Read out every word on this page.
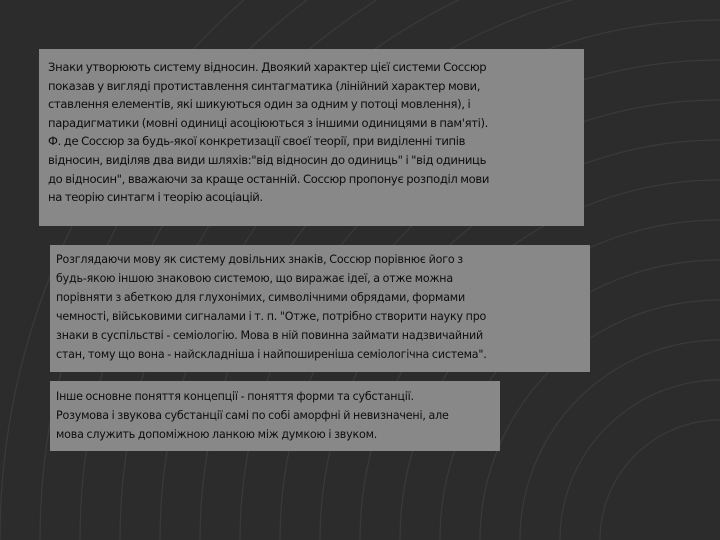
Знаки утворюють систему відносин. Двоякий характер цієї системи Соссюр
показав у вигляді протиставлення синтагматика (лінійний характер мови,
ставлення елементів, які шикуються один за одним у потоці мовлення), і
парадигматики (мовні одиниці асоціюються з іншими одиницями в пам'яті).
Ф. де Соссюр за будь-якої конкретизації своєї теорії, при виділенні типів
відносин, виділяв два види шляхів:"від відносин до одиниць" і "від одиниць
до відносин", вважаючи за краще останній. Соссюр пропонує розподіл мови
на теорію синтагм і теорію асоціацій.

Розглядаючи мову як систему довільних знаків, Соссюр порівнює його з
будь-якою іншою знаковою системою, що виражає ідеї, а отже можна
порівняти з абеткою для глухонімих, символічними обрядами, формами
чемності, військовими сигналами і т. п. "Отже, потрібно створити науку про
знаки в суспільстві - семіологію. Мова в ній повинна займати надзвичайний
стан, тому що вона - найскладніша і найпоширеніша семіологічна система".

Інше основне поняття концепції - поняття форми та субстанції.
Розумова і звукова субстанції самі по собі аморфні й невизначені, але
мова служить допоміжною ланкою між думкою і звуком.
